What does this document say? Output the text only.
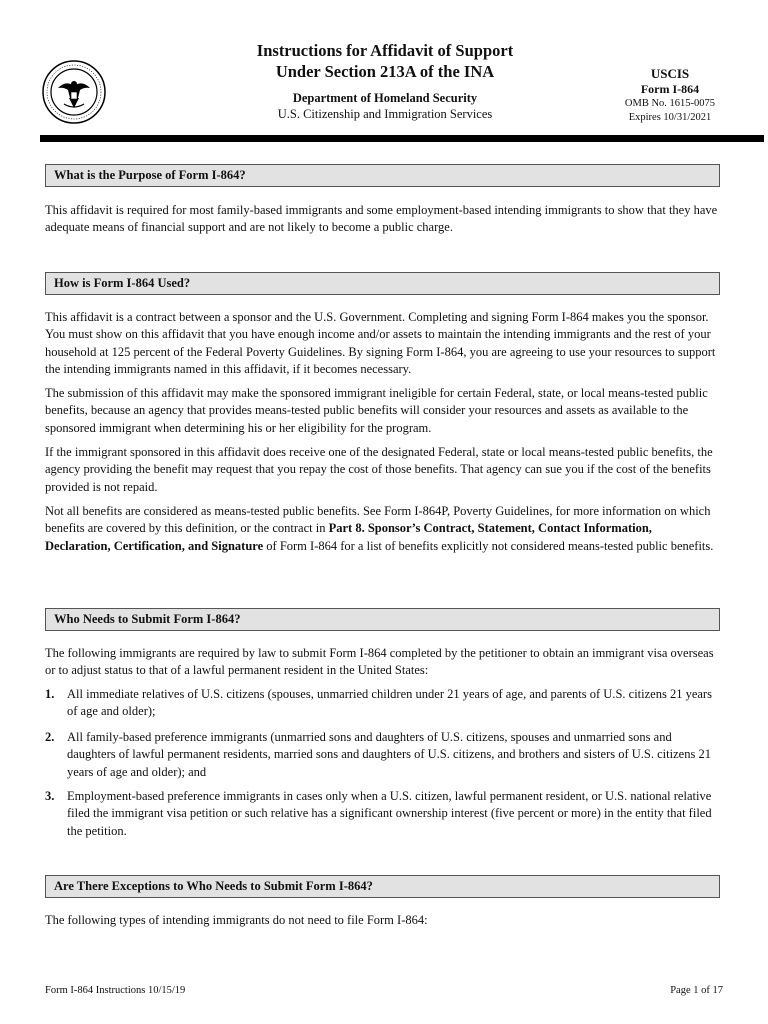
Instructions for Affidavit of Support
Under Section 213A of the INA
Department of Homeland Security
U.S. Citizenship and Immigration Services
USCIS
Form I-864
OMB No. 1615-0075
Expires 10/31/2021
What is the Purpose of Form I-864?

This affidavit is required for most family-based immigrants and some employment-based intending immigrants to show that they have adequate means of financial support and are not likely to become a public charge.

How is Form I-864 Used?

This affidavit is a contract between a sponsor and the U.S. Government. Completing and signing Form I-864 makes you the sponsor. You must show on this affidavit that you have enough income and/or assets to maintain the intending immigrants and the rest of your household at 125 percent of the Federal Poverty Guidelines. By signing Form I-864, you are agreeing to use your resources to support the intending immigrants named in this affidavit, if it becomes necessary.

The submission of this affidavit may make the sponsored immigrant ineligible for certain Federal, state, or local means-tested public benefits, because an agency that provides means-tested public benefits will consider your resources and assets as available to the sponsored immigrant when determining his or her eligibility for the program.

If the immigrant sponsored in this affidavit does receive one of the designated Federal, state or local means-tested public benefits, the agency providing the benefit may request that you repay the cost of those benefits. That agency can sue you if the cost of the benefits provided is not repaid.

Not all benefits are considered as means-tested public benefits. See Form I-864P, Poverty Guidelines, for more information on which benefits are covered by this definition, or the contract in Part 8. Sponsor’s Contract, Statement, Contact Information, Declaration, Certification, and Signature of Form I-864 for a list of benefits explicitly not considered means-tested public benefits.

Who Needs to Submit Form I-864?

The following immigrants are required by law to submit Form I-864 completed by the petitioner to obtain an immigrant visa overseas or to adjust status to that of a lawful permanent resident in the United States:

1. All immediate relatives of U.S. citizens (spouses, unmarried children under 21 years of age, and parents of U.S. citizens 21 years of age and older);
2. All family-based preference immigrants (unmarried sons and daughters of U.S. citizens, spouses and unmarried sons and daughters of lawful permanent residents, married sons and daughters of U.S. citizens, and brothers and sisters of U.S. citizens 21 years of age and older); and
3. Employment-based preference immigrants in cases only when a U.S. citizen, lawful permanent resident, or U.S. national relative filed the immigrant visa petition or such relative has a significant ownership interest (five percent or more) in the entity that filed the petition.
Are There Exceptions to Who Needs to Submit Form I-864?

The following types of intending immigrants do not need to file Form I-864:

Form I-864 Instructions 10/15/19	Page 1 of 17
